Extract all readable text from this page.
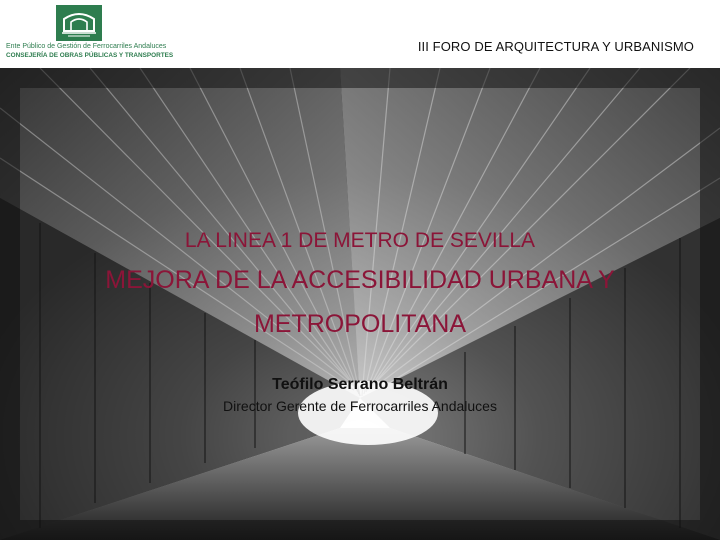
Ente Público de Gestión de Ferrocarriles Andaluces
CONSEJERÍA DE OBRAS PÚBLICAS Y TRANSPORTES
III FORO DE ARQUITECTURA Y URBANISMO
LA LINEA 1 DE METRO DE SEVILLA
MEJORA DE LA ACCESIBILIDAD URBANA Y
METROPOLITANA
Teófilo Serrano Beltrán
Director Gerente de Ferrocarriles Andaluces
